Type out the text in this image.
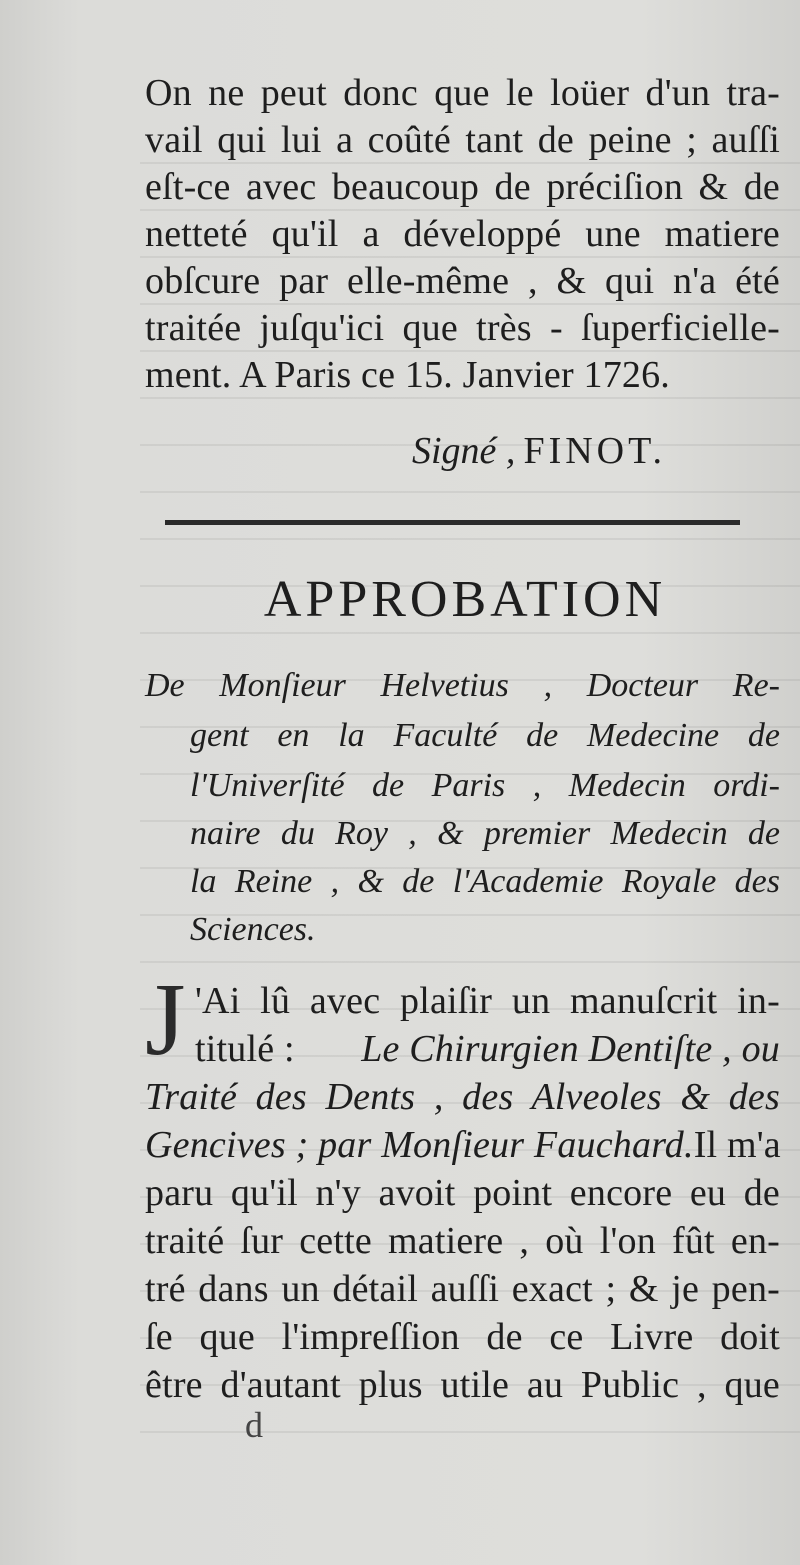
On ne peut donc que le loüer d'un tra-
vail qui lui a coûté tant de peine ; auſſi
eſt-ce avec beaucoup de préciſion & de
netteté qu'il a développé une matiere
obſcure par elle-même , & qui n'a été
traitée juſqu'ici que très - ſuperficielle-
ment. A Paris ce 15. Janvier 1726.
Signé , FINOT.
APPROBATION
De Monſieur Helvetius , Docteur Re-
gent en la Faculté de Medecine de
l'Univerſité de Paris , Medecin ordi-
naire du Roy , & premier Medecin de
la Reine , & de l'Academie Royale des
Sciences.
J 'Ai lû avec plaiſir un manuſcrit in-
titulé : Le Chirurgien Dentiſte , ou
Traité des Dents , des Alveoles & des
Gencives ; par Monſieur Fauchard. Il m'a
paru qu'il n'y avoit point encore eu de
traité ſur cette matiere , où l'on fût en-
tré dans un détail auſſi exact ; & je pen-
ſe que l'impreſſion de ce Livre doit
être d'autant plus utile au Public , que
d
